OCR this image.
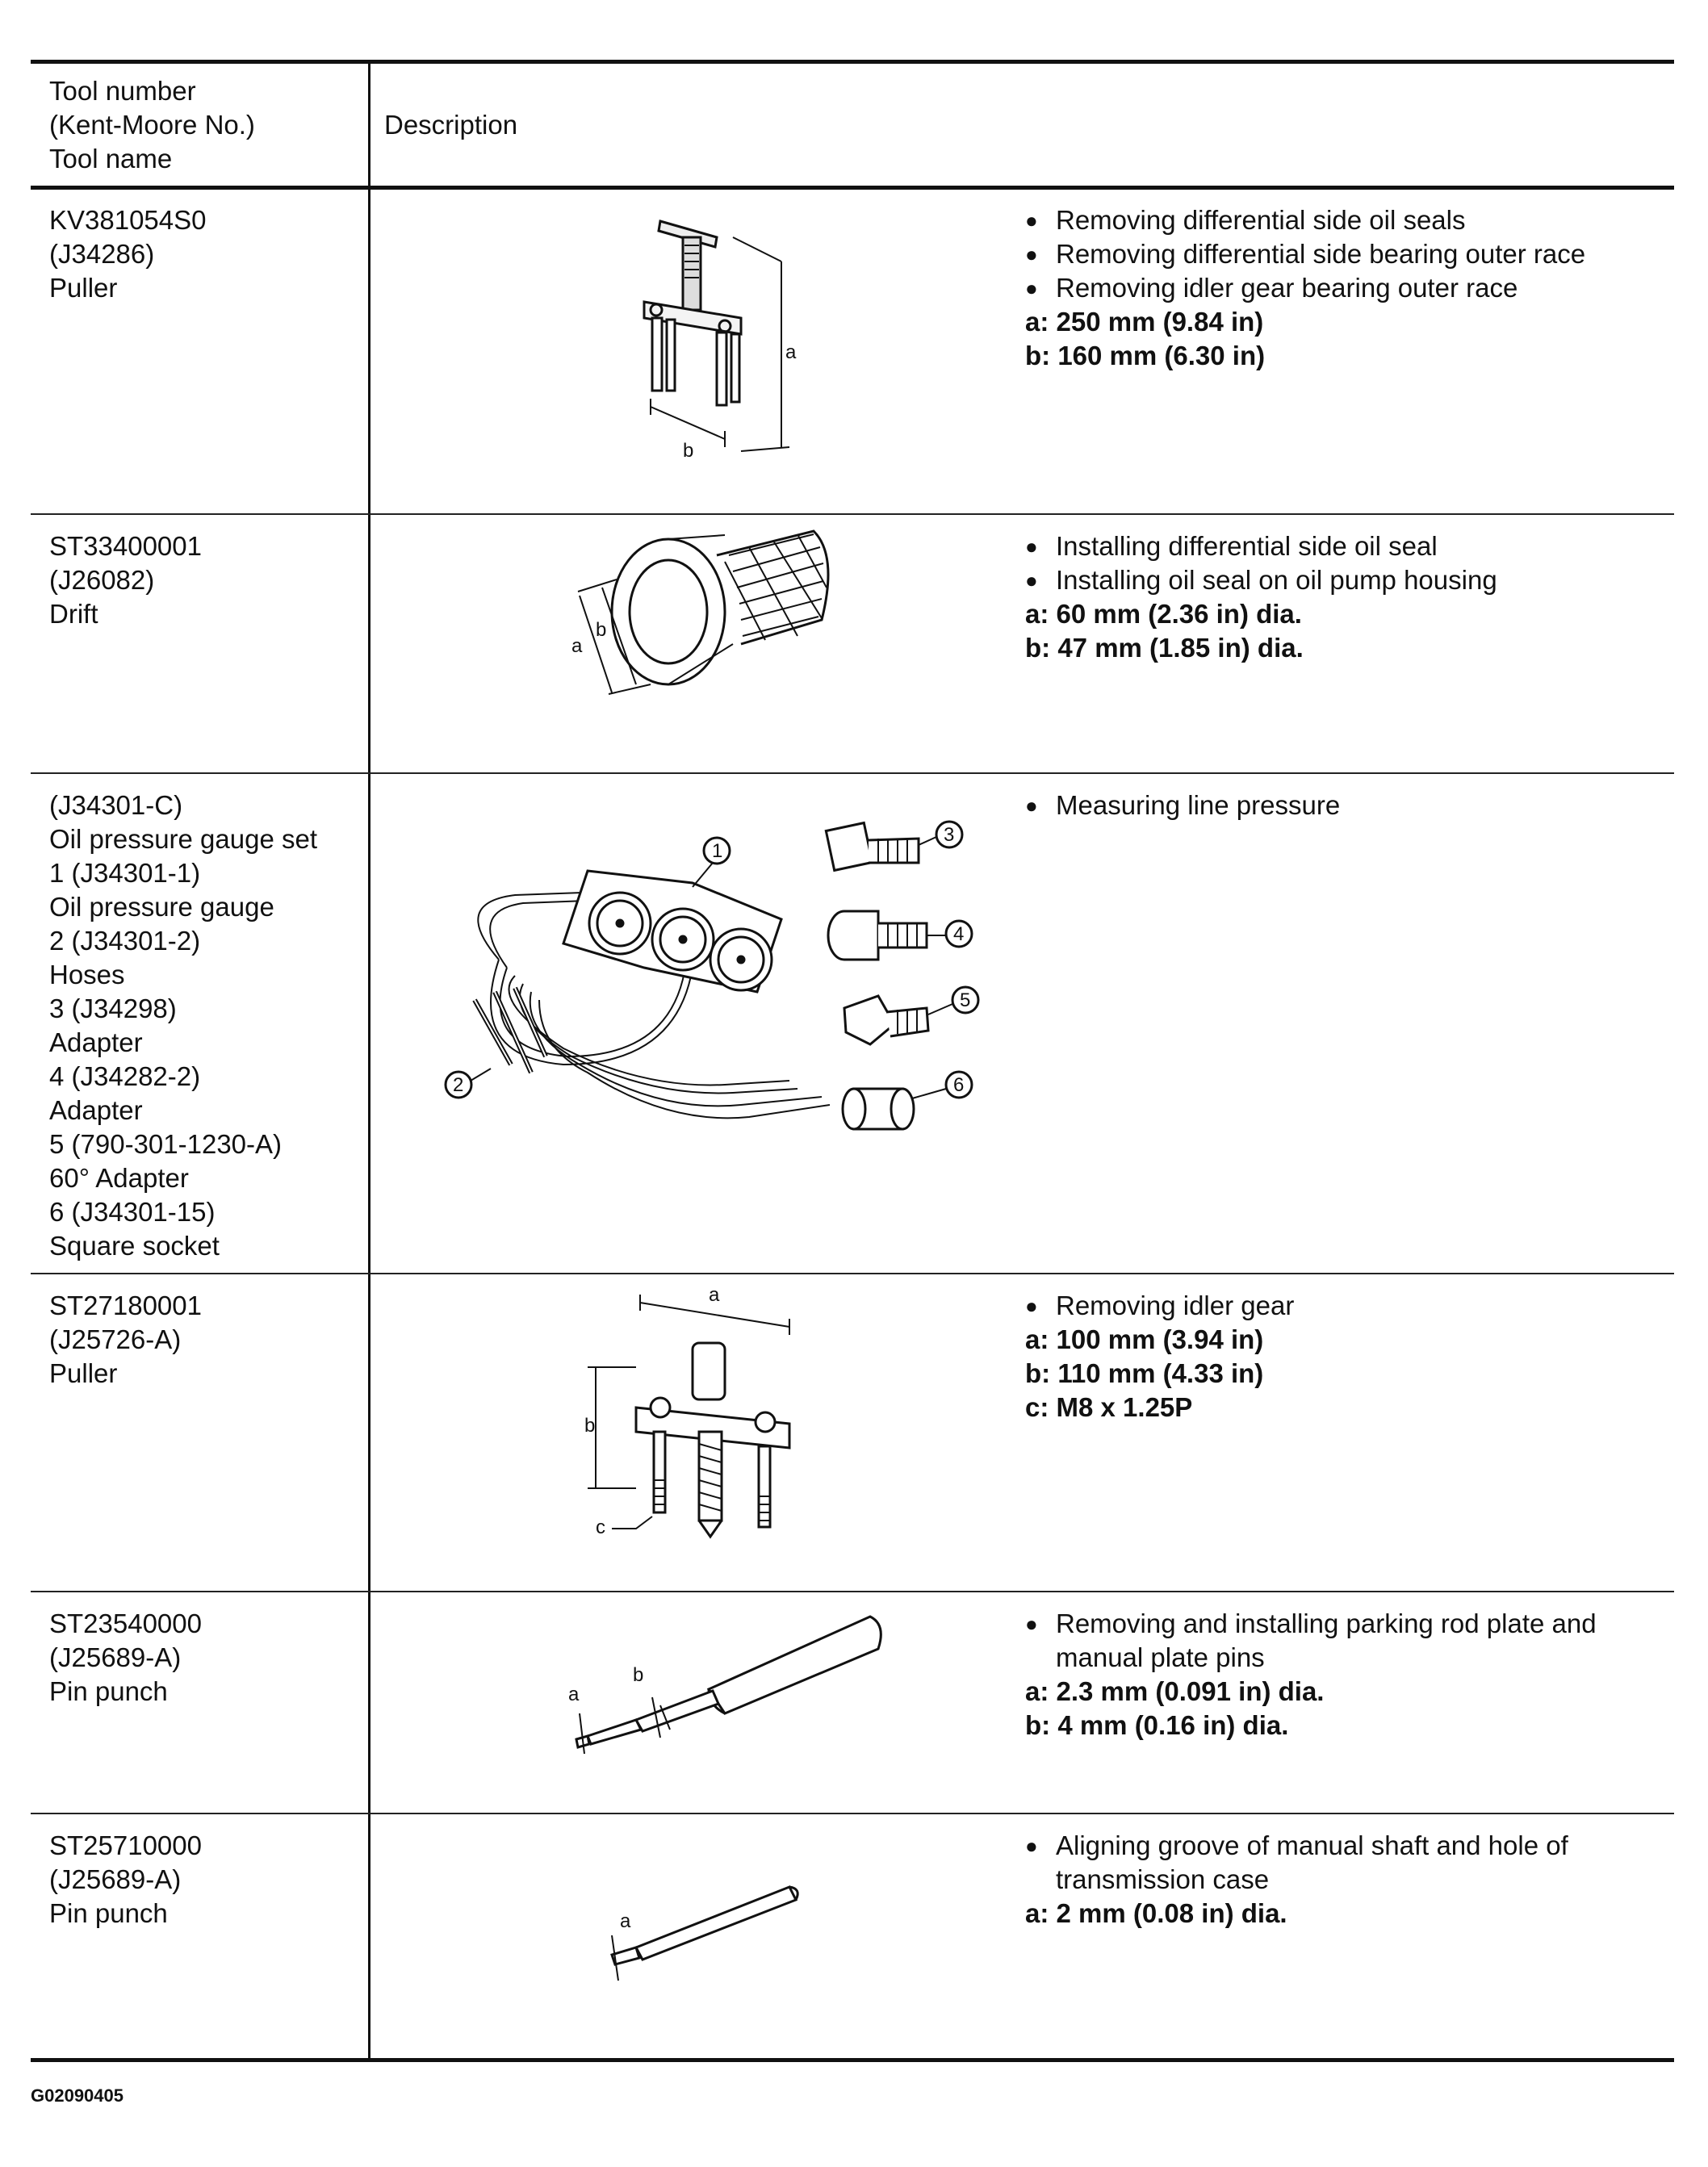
Tool number
(Kent-Moore No.)
Tool name
Description
KV381054S0
(J34286)
Puller
a
b
● Removing differential side oil seals
● Removing differential side bearing outer race
● Removing idler gear bearing outer race
a: 250 mm (9.84 in)
b: 160 mm (6.30 in)
ST33400001
(J26082)
Drift
a
b
● Installing differential side oil seal
● Installing oil seal on oil pump housing
a: 60 mm (2.36 in) dia.
b: 47 mm (1.85 in) dia.
(J34301-C)
Oil pressure gauge set
1 (J34301-1)
Oil pressure gauge
2 (J34301-2)
Hoses
3 (J34298)
Adapter
4 (J34282-2)
Adapter
5 (790-301-1230-A)
60° Adapter
6 (J34301-15)
Square socket
1
2
3
4
5
6
● Measuring line pressure
ST27180001
(J25726-A)
Puller
a
b
c
● Removing idler gear
a: 100 mm (3.94 in)
b: 110 mm (4.33 in)
c: M8 x 1.25P
ST23540000
(J25689-A)
Pin punch
b
a
● Removing and installing parking rod plate and manual plate pins
a: 2.3 mm (0.091 in) dia.
b: 4 mm (0.16 in) dia.
ST25710000
(J25689-A)
Pin punch	a
● Aligning groove of manual shaft and hole of transmission case
a: 2 mm (0.08 in) dia.
G02090405
